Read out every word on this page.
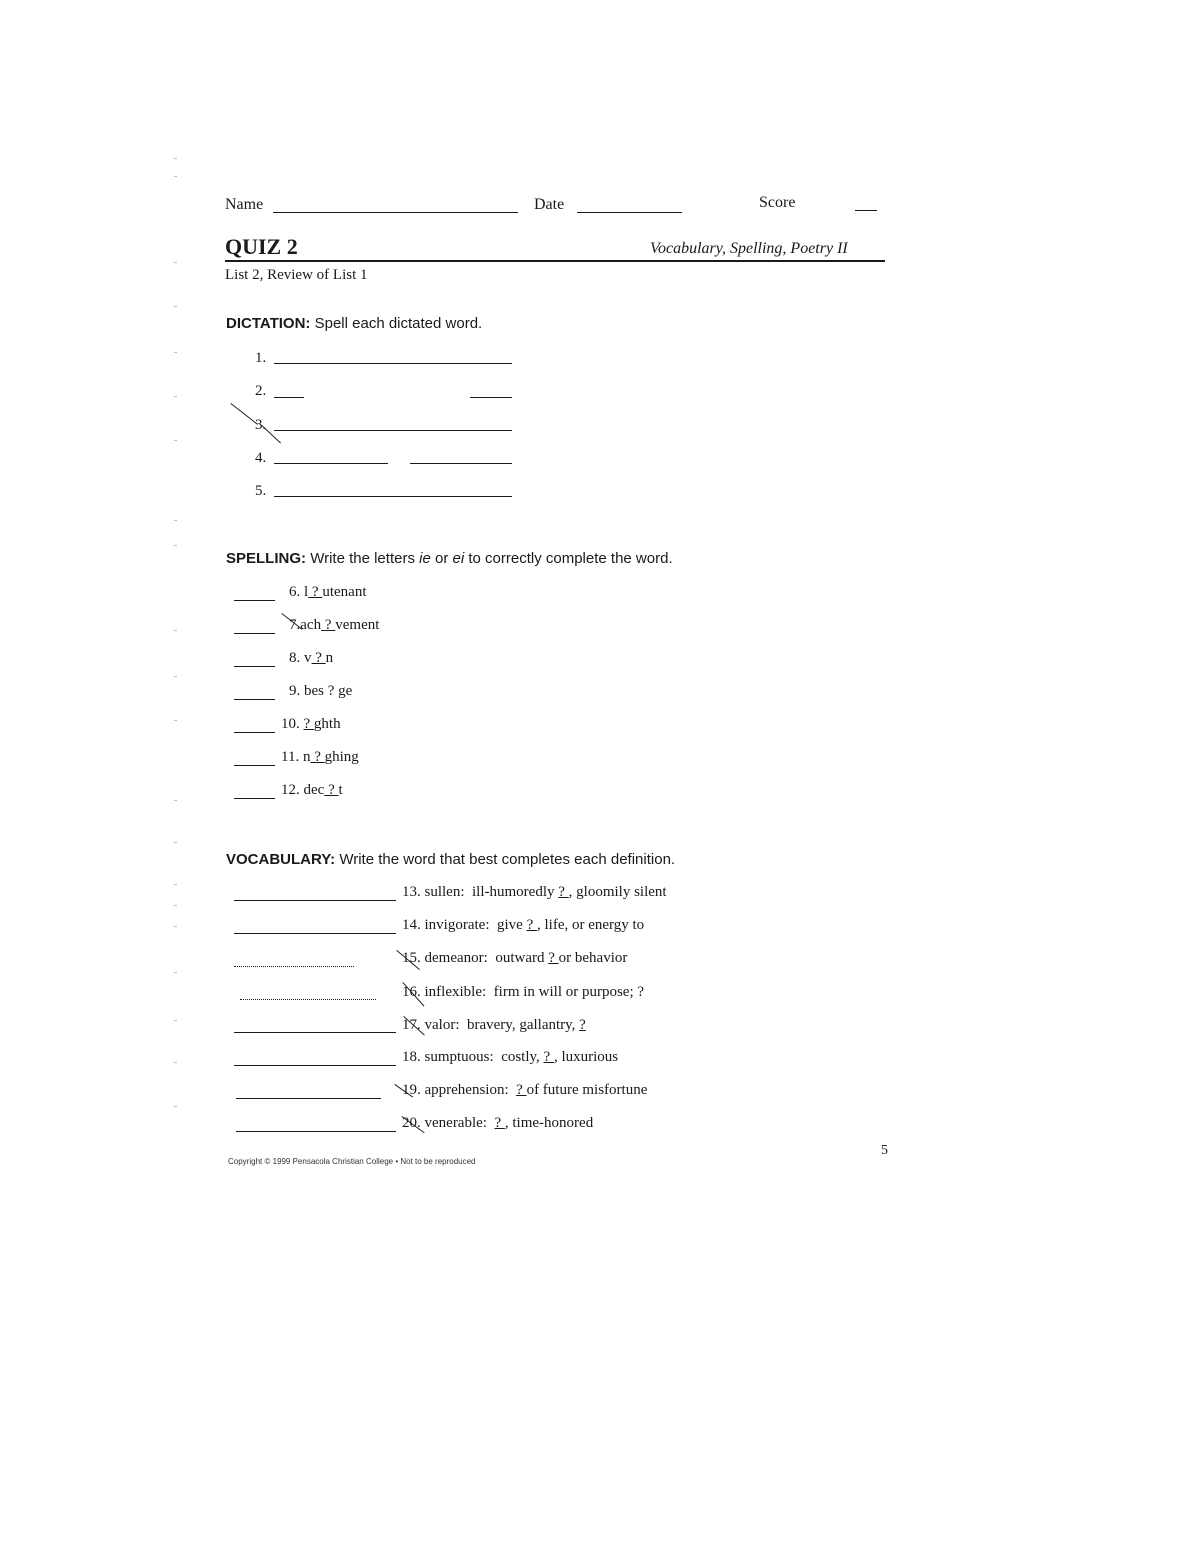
Name	Date	Score
QUIZ 2	Vocabulary, Spelling, Poetry II
List 2, Review of List 1
DICTATION: Spell each dictated word.
1.
2.
3.
4.
5.
SPELLING: Write the letters ie or ei to correctly complete the word.
6. l ? utenant
7.ach ? vement
8. v ? n
9. bes ? ge
10. ? ghth
11. n ? ghing
12. dec ? t
VOCABULARY: Write the word that best completes each definition.
13. sullen: ill-humoredly ? , gloomily silent
14. invigorate: give ? , life, or energy to
15. demeanor: outward ? or behavior
16. inflexible: firm in will or purpose; ?
17. valor: bravery, gallantry, ?
18. sumptuous: costly, ? , luxurious
19. apprehension:  ? of future misfortune
20. venerable:  ? , time-honored
Copyright © 1999 Pensacola Christian College • Not to be reproduced
5
